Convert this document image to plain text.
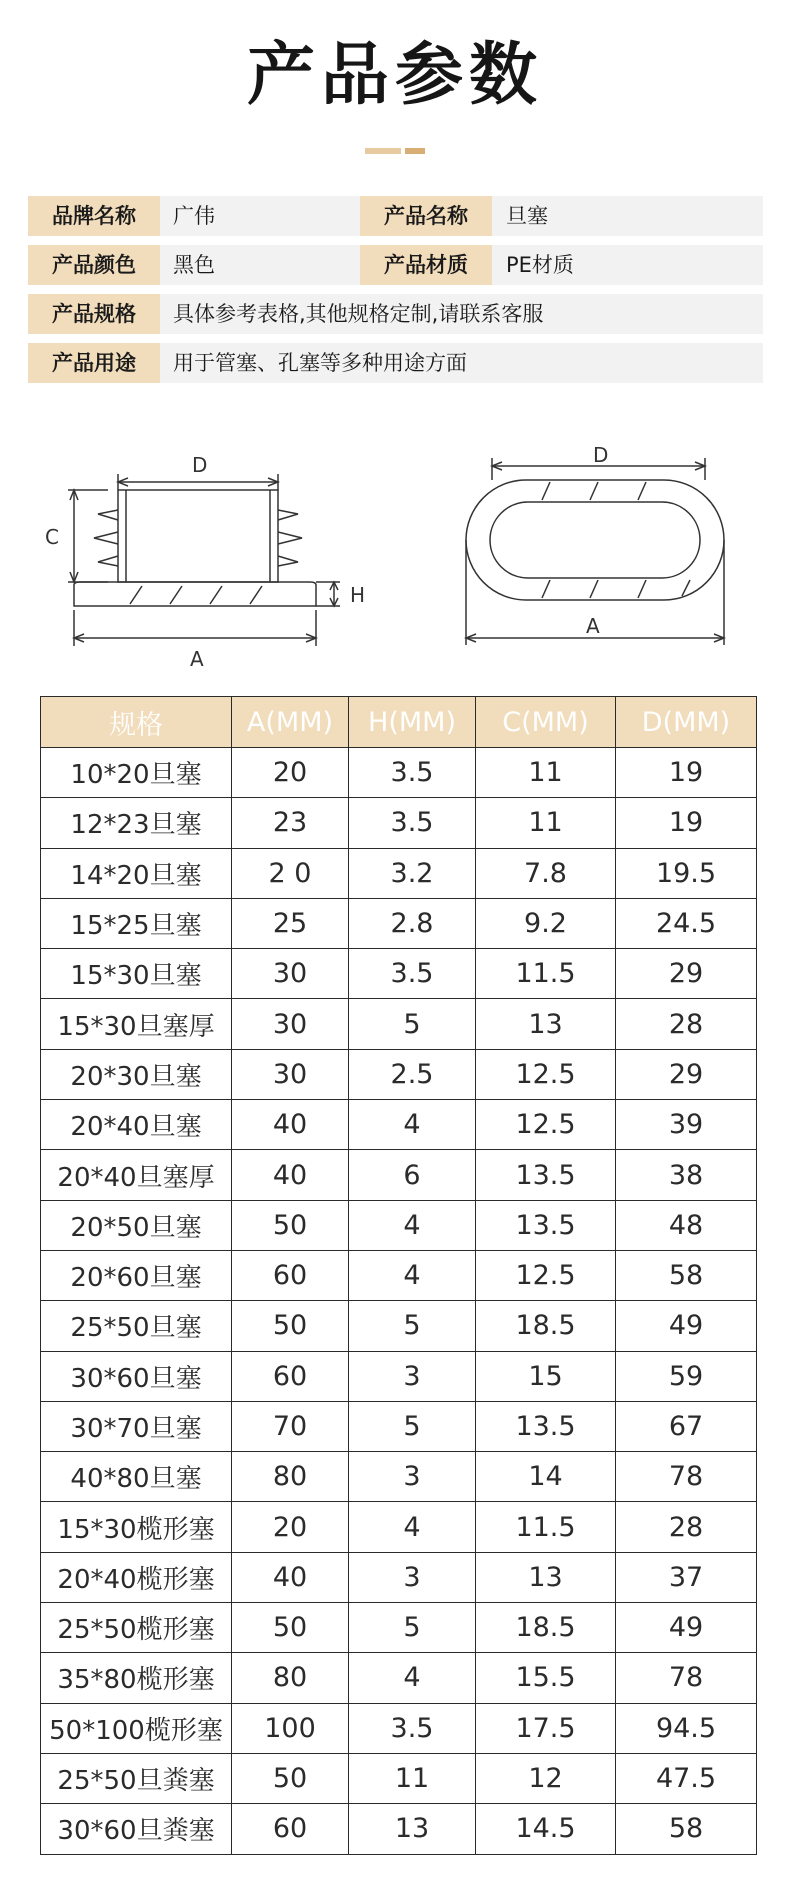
产品参数
品牌名称	广伟	产品名称	旦塞
产品颜色	黑色	产品材质	PE材质
产品规格	具体参考表格,其他规格定制,请联系客服
产品用途	用于管塞、孔塞等多种用途方面
D
C
H
A
D
A
规格	A(MM)	H(MM)	C(MM)	D(MM)
10*20旦塞	20	3.5	11	19
12*23旦塞	23	3.5	11	19
14*20旦塞	2 0	3.2	7.8	19.5
15*25旦塞	25	2.8	9.2	24.5
15*30旦塞	30	3.5	11.5	29
15*30旦塞厚	30	5	13	28
20*30旦塞	30	2.5	12.5	29
20*40旦塞	40	4	12.5	39
20*40旦塞厚	40	6	13.5	38
20*50旦塞	50	4	13.5	48
20*60旦塞	60	4	12.5	58
25*50旦塞	50	5	18.5	49
30*60旦塞	60	3	15	59
30*70旦塞	70	5	13.5	67
40*80旦塞	80	3	14	78
15*30榄形塞	20	4	11.5	28
20*40榄形塞	40	3	13	37
25*50榄形塞	50	5	18.5	49
35*80榄形塞	80	4	15.5	78
50*100榄形塞	100	3.5	17.5	94.5
25*50旦粪塞	50	11	12	47.5
30*60旦粪塞	60	13	14.5	58
